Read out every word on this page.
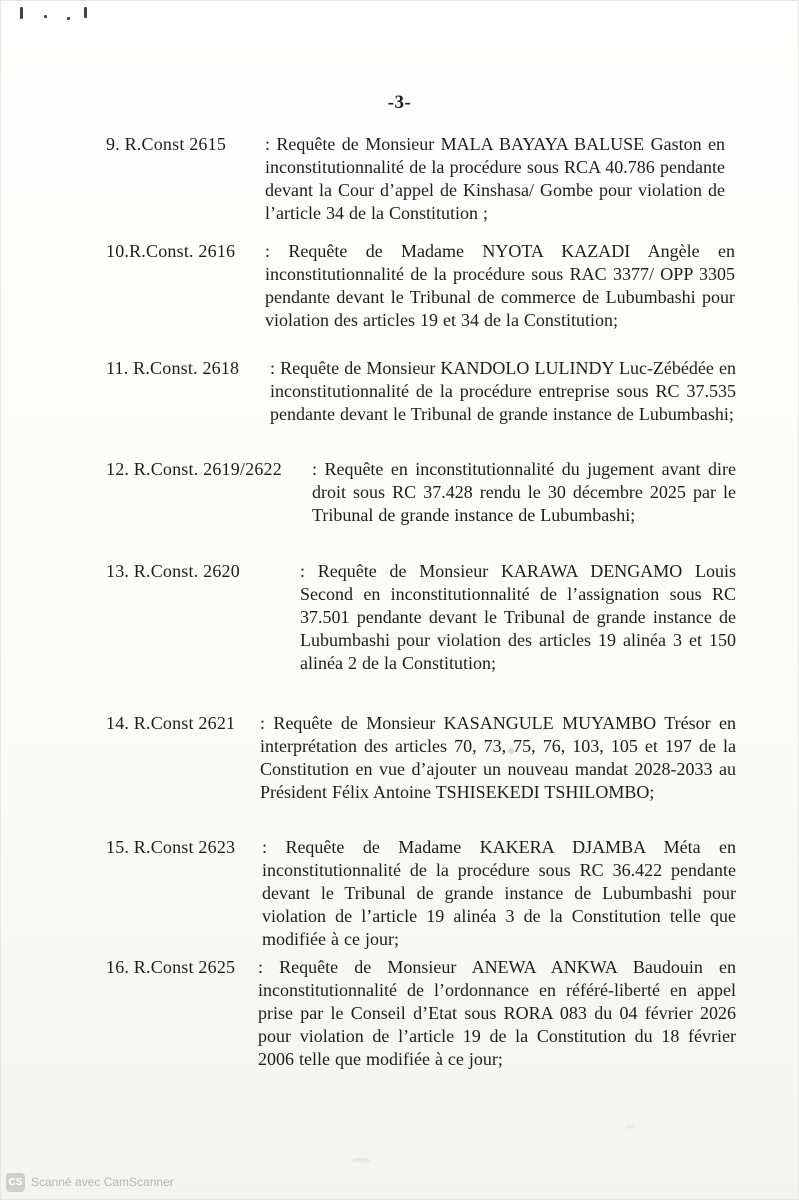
-3-
9. R.Const 2615 : Requête de Monsieur MALA BAYAYA BALUSE Gaston en inconstitutionnalité de la procédure sous RCA 40.786 pendante devant la Cour d’appel de Kinshasa/ Gombe pour violation de l’article 34 de la Constitution ;
10.R.Const. 2616 : Requête de Madame NYOTA KAZADI Angèle en inconstitutionnalité de la procédure sous RAC 3377/ OPP 3305 pendante devant le Tribunal de commerce de Lubumbashi pour violation des articles 19 et 34 de la Constitution;
11. R.Const. 2618 : Requête de Monsieur KANDOLO LULINDY Luc-Zébédée en inconstitutionnalité de la procédure entreprise sous RC 37.535 pendante devant le Tribunal de grande instance de Lubumbashi;
12. R.Const. 2619/2622 : Requête en inconstitutionnalité du jugement avant dire droit sous RC 37.428 rendu le 30 décembre 2025 par le Tribunal de grande instance de Lubumbashi;
13. R.Const. 2620	: Requête de Monsieur KARAWA DENGAMO Louis Second en inconstitutionnalité de l’assignation sous RC 37.501 pendante devant le Tribunal de grande instance de Lubumbashi pour violation des articles 19 alinéa 3 et 150 alinéa 2 de la Constitution;
14. R.Const 2621 : Requête de Monsieur KASANGULE MUYAMBO Trésor en interprétation des articles 70, 73, 75, 76, 103, 105 et 197 de la Constitution en vue d’ajouter un nouveau mandat 2028-2033 au Président Félix Antoine TSHISEKEDI TSHILOMBO;
15. R.Const 2623 : Requête de Madame KAKERA DJAMBA Méta en inconstitutionnalité de la procédure sous RC 36.422 pendante devant le Tribunal de grande instance de Lubumbashi pour violation de l’article 19 alinéa 3 de la Constitution telle que modifiée à ce jour;
16. R.Const 2625 : Requête de Monsieur ANEWA ANKWA Baudouin en inconstitutionnalité de l’ordonnance en référé-liberté en appel prise par le Conseil d’Etat sous RORA 083 du 04 février 2026 pour violation de l’article 19 de la Constitution du 18 février 2006 telle que modifiée à ce jour;
CS Scanné avec CamScanner
